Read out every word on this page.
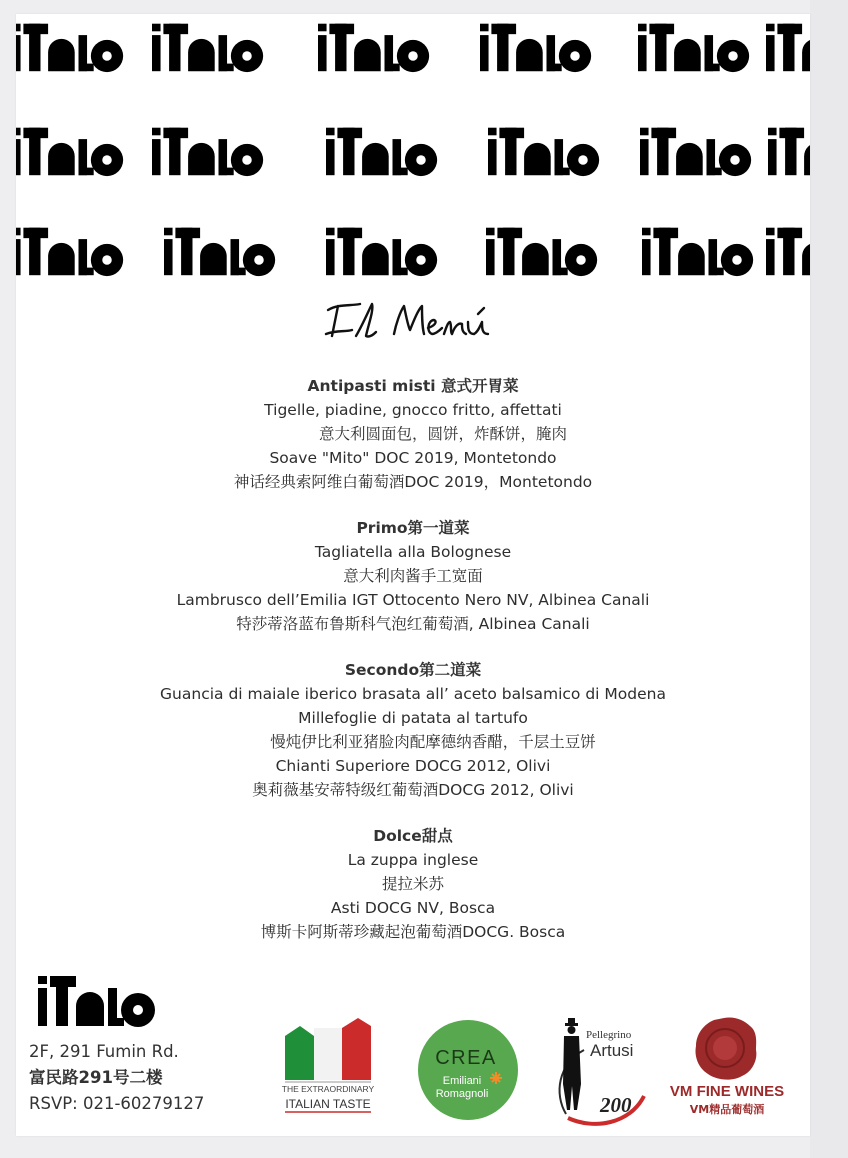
Antipasti misti 意式开胃菜
Tigelle, piadine, gnocco fritto, affettati
意大利圆面包，圆饼，炸酥饼，腌肉
Soave "Mito" DOC 2019, Montetondo
神话经典索阿维白葡萄酒DOC 2019，Montetondo
Primo第一道菜
Tagliatella alla Bolognese
意大利肉酱手工宽面
Lambrusco dell’Emilia IGT Ottocento Nero NV, Albinea Canali
特莎蒂洛蓝布鲁斯科气泡红葡萄酒, Albinea Canali
Secondo第二道菜
Guancia di maiale iberico brasata all’ aceto balsamico di Modena
Millefoglie di patata al tartufo
慢炖伊比利亚猪脸肉配摩德纳香醋，千层土豆饼
Chianti Superiore DOCG 2012, Olivi
奥莉薇基安蒂特级红葡萄酒DOCG 2012, Olivi
Dolce甜点
La zuppa inglese
提拉米苏
Asti DOCG NV, Bosca
博斯卡阿斯蒂珍藏起泡葡萄酒DOCG. Bosca
2F, 291 Fumin Rd.
富民路291号二楼
RSVP: 021-60279127
THE EXTRAORDINARY
ITALIAN TASTE
CREA
Emiliani
Romagnoli
Pellegrino
Artusi
200
VM FINE WINES
VM精品葡萄酒
